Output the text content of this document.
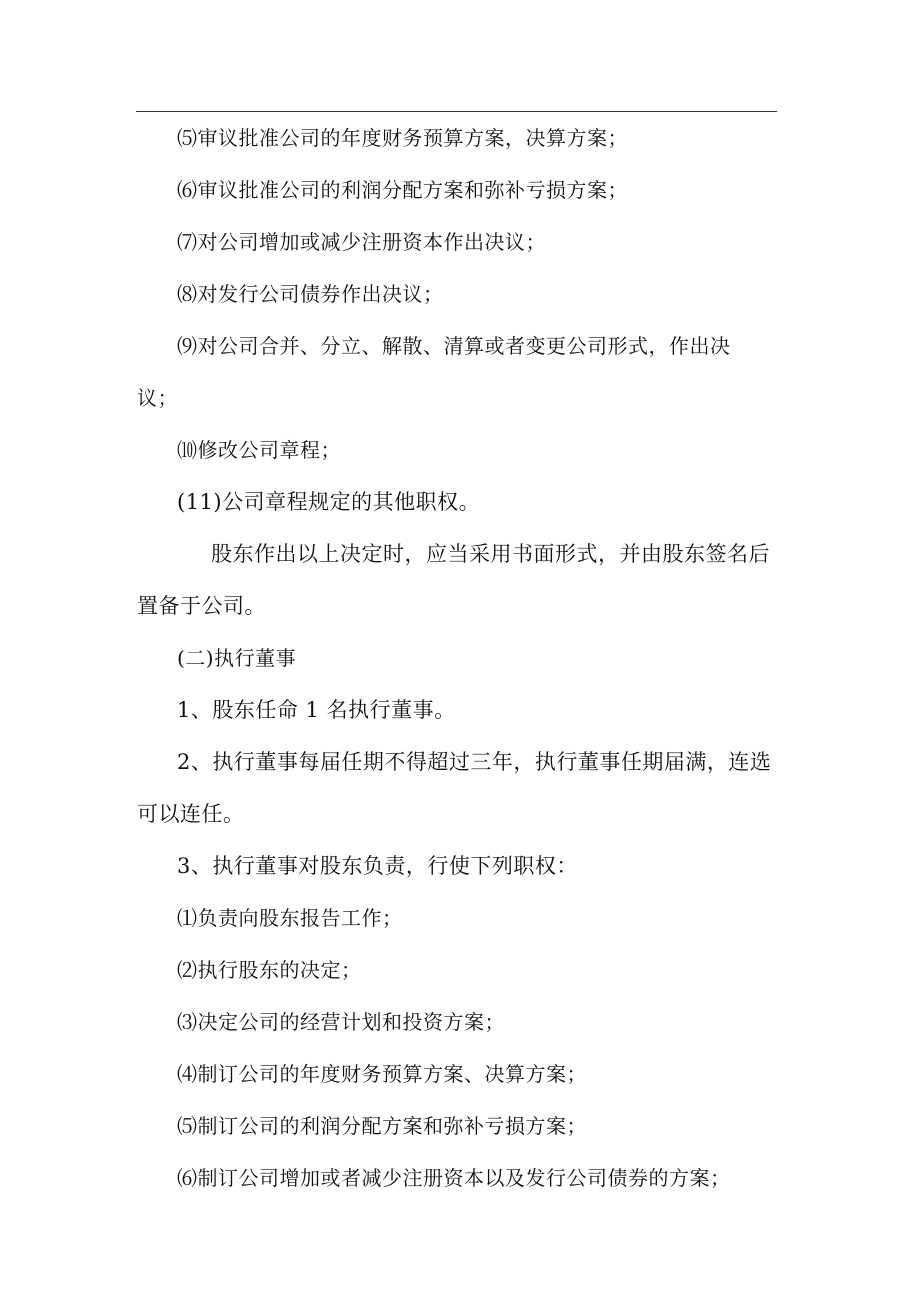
⑸审议批准公司的年度财务预算方案，决算方案；
⑹审议批准公司的利润分配方案和弥补亏损方案；
⑺对公司增加或减少注册资本作出决议；
⑻对发行公司债券作出决议；
⑼对公司合并、分立、解散、清算或者变更公司形式，作出决
议；
⑽修改公司章程；
(11)公司章程规定的其他职权。
股东作出以上决定时，应当采用书面形式，并由股东签名后
置备于公司。
(二)执行董事
1、股东任命 1 名执行董事。
2、执行董事每届任期不得超过三年，执行董事任期届满，连选
可以连任。
3、执行董事对股东负责，行使下列职权：
⑴负责向股东报告工作；
⑵执行股东的决定；
⑶决定公司的经营计划和投资方案；
⑷制订公司的年度财务预算方案、决算方案；
⑸制订公司的利润分配方案和弥补亏损方案；
⑹制订公司增加或者减少注册资本以及发行公司债券的方案；
